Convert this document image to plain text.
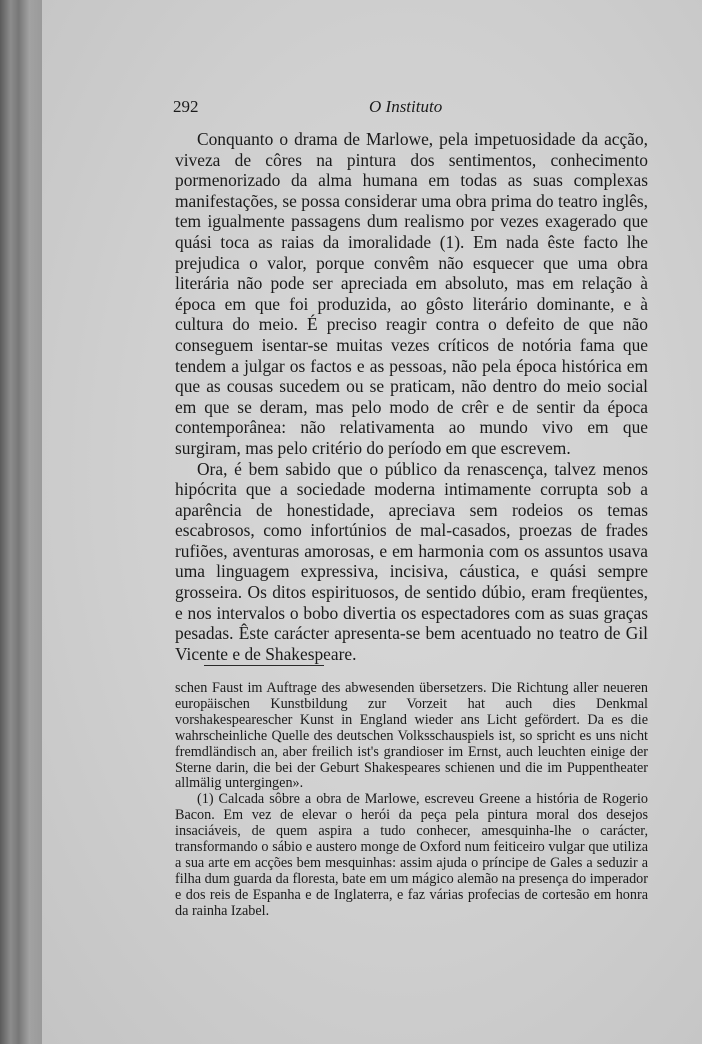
292	O Instituto

Conquanto o drama de Marlowe, pela impetuosidade da acção, viveza de côres na pintura dos sentimentos, conhecimento pormenorizado da alma humana em todas as suas complexas manifestações, se possa considerar uma obra prima do teatro inglês, tem igualmente passagens dum realismo por vezes exagerado que quási toca as raias da imoralidade (1). Em nada êste facto lhe prejudica o valor, porque convêm não esquecer que uma obra literária não pode ser apreciada em absoluto, mas em relação à época em que foi produzida, ao gôsto literário dominante, e à cultura do meio. É preciso reagir contra o defeito de que não conseguem isentar-se muitas vezes críticos de notória fama que tendem a julgar os factos e as pessoas, não pela época histórica em que as cousas sucedem ou se praticam, não dentro do meio social em que se deram, mas pelo modo de crêr e de sentir da época contemporânea: não relativamenta ao mundo vivo em que surgiram, mas pelo critério do período em que escrevem.

Ora, é bem sabido que o público da renascença, talvez menos hipócrita que a sociedade moderna intimamente corrupta sob a aparência de honestidade, apreciava sem rodeios os temas escabrosos, como infortúnios de mal-casados, proezas de frades rufiões, aventuras amorosas, e em harmonia com os assuntos usava uma linguagem expressiva, incisiva, cáustica, e quási sempre grosseira. Os ditos espirituosos, de sentido dúbio, eram freqüentes, e nos intervalos o bobo divertia os espectadores com as suas graças pesadas. Êste carácter apresenta-se bem acentuado no teatro de Gil Vicente e de Shakespeare.

schen Faust im Auftrage des abwesenden übersetzers. Die Richtung aller neueren europäischen Kunstbildung zur Vorzeit hat auch dies Denkmal vorshakespearescher Kunst in England wieder ans Licht gefördert. Da es die wahrscheinliche Quelle des deutschen Volksschauspiels ist, so spricht es uns nicht fremdländisch an, aber freilich ist's grandioser im Ernst, auch leuchten einige der Sterne darin, die bei der Geburt Shakespeares schienen und die im Puppentheater allmälig untergingen».

(1) Calcada sôbre a obra de Marlowe, escreveu Greene a história de Rogerio Bacon. Em vez de elevar o herói da peça pela pintura moral dos desejos insaciáveis, de quem aspira a tudo conhecer, amesquinha-lhe o carácter, transformando o sábio e austero monge de Oxford num feiticeiro vulgar que utiliza a sua arte em acções bem mesquinhas: assim ajuda o príncipe de Gales a seduzir a filha dum guarda da floresta, bate em um mágico alemão na presença do imperador e dos reis de Espanha e de Inglaterra, e faz várias profecias de cortesão em honra da rainha Izabel.
